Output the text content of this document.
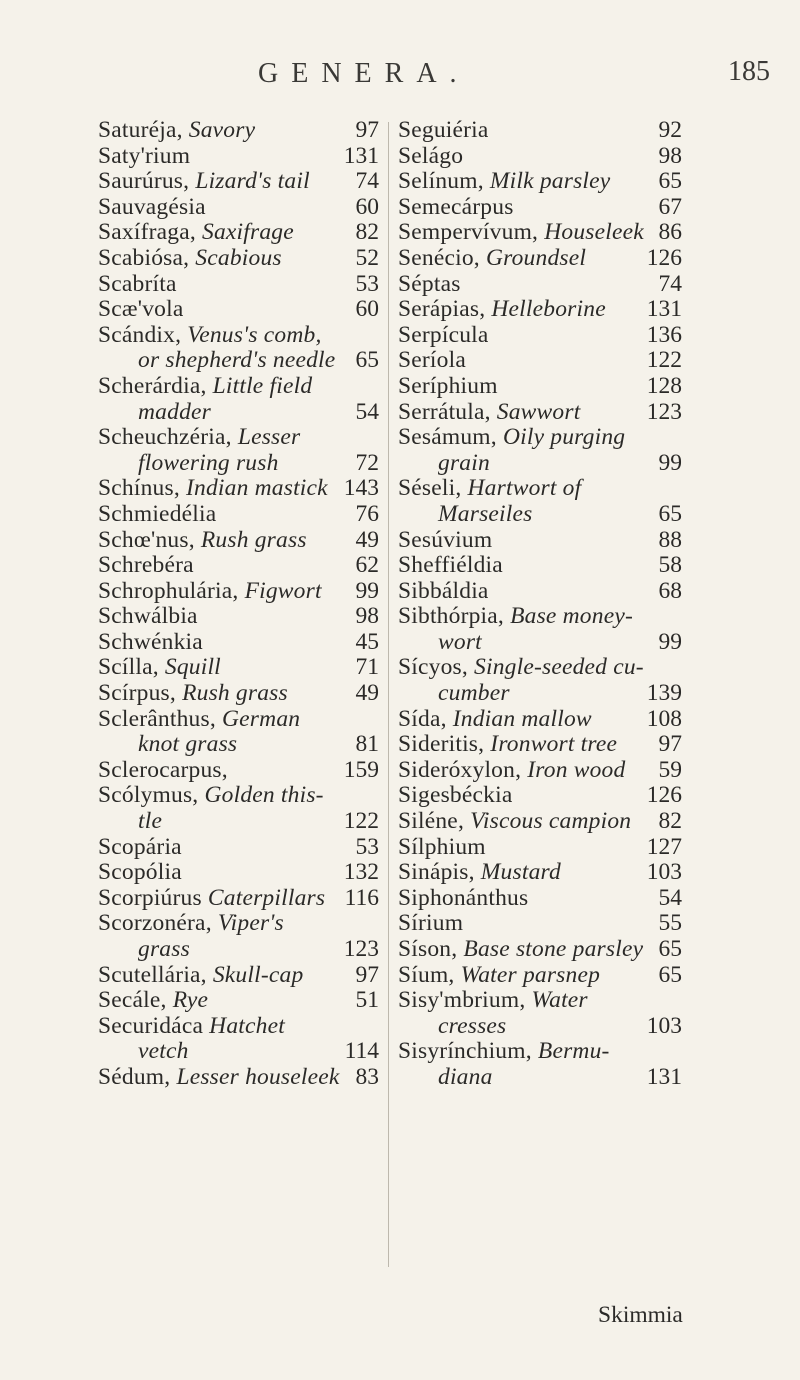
GENERA.	185
Saturéja, Savory	97
Saty'rium	131
Saurúrus, Lizard's tail 74
Sauvagésia	60
Saxífraga, Saxifrage	82
Scabiósa, Scabious	52
Scabríta	53
Scæ'vola	60
Scándix, Venus's comb,
or shepherd's needle 65
Scherárdia, Little field
madder	54
Scheuchzéria, Lesser
flowering rush	72
Schínus, Indian mastick 143
Schmiedélia	76
Schœ'nus, Rush grass 49
Schrebéra	62
Schrophulária, Figwort 99
Schwálbia	98
Schwénkia	45
Scílla, Squill	71
Scírpus, Rush grass	49
Sclerânthus, German
knot grass	81
Sclerocarpus,	159
Scólymus, Golden this-
tle	122
Scopária	53
Scopólia	132
Scorpiúrus Caterpillars 116
Scorzonéra, Viper's
grass	123
Scutellária, Skull-cap 97
Secále, Rye	51
Securidáca Hatchet
vetch	114
Sédum, Lesser houseleek 83
Seguiéria	92
Selágo	98
Selínum, Milk parsley 65
Semecárpus	67
Sempervívum, Houseleek 86
Senécio, Groundsel	126
Séptas	74
Serápias, Helleborine 131
Serpícula	136
Seríola	122
Seríphium	128
Serrátula, Sawwort	123
Sesámum, Oily purging
grain	99
Séseli, Hartwort of
Marseiles	65
Sesúvium	88
Sheffiéldia	58
Sibbáldia	68
Sibthórpia, Base money-
wort	99
Sícyos, Single-seeded cu-
cumber	139
Sída, Indian mallow 108
Sideritis, Ironwort tree 97
Sideróxylon, Iron wood 59
Sigesbéckia	126
Siléne, Viscous campion 82
Sílphium	127
Sinápis, Mustard	103
Siphonánthus	54
Sírium	55
Síson, Base stone parsley 65
Síum, Water parsnep 65
Sisy'mbrium, Water
cresses	103
Sisyrínchium, Bermu-
diana	131
Skimmia
